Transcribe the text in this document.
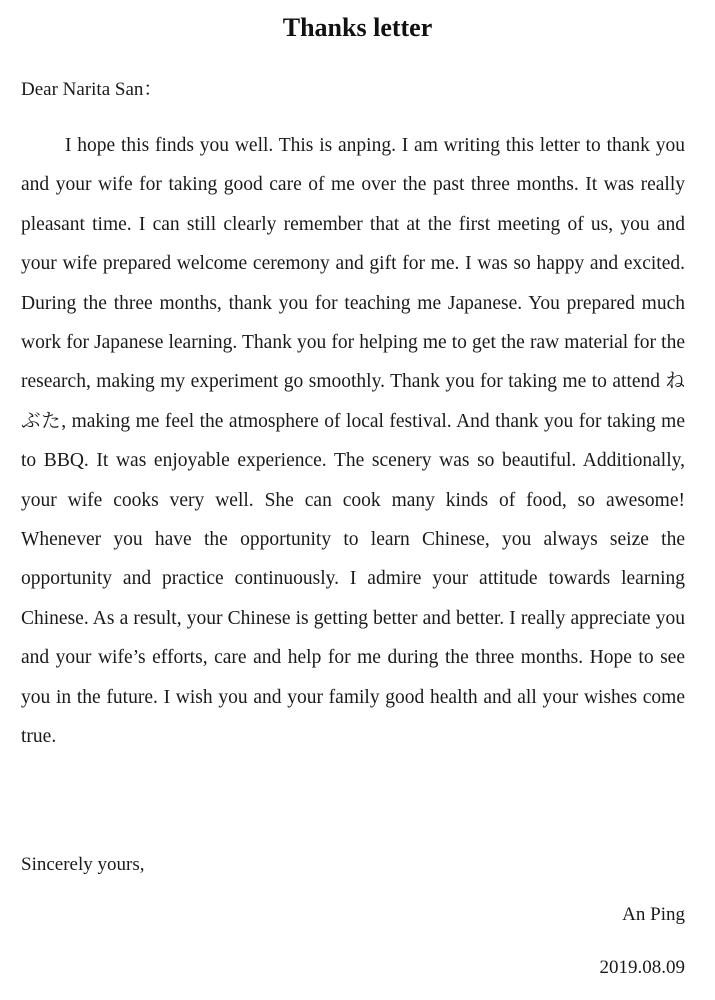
Thanks letter
Dear Narita San：

I hope this finds you well. This is anping. I am writing this letter to thank you and your wife for taking good care of me over the past three months. It was really pleasant time. I can still clearly remember that at the first meeting of us, you and your wife prepared welcome ceremony and gift for me. I was so happy and excited. During the three months, thank you for teaching me Japanese. You prepared much work for Japanese learning. Thank you for helping me to get the raw material for the research, making my experiment go smoothly. Thank you for taking me to attend ねぶた, making me feel the atmosphere of local festival. And thank you for taking me to BBQ. It was enjoyable experience. The scenery was so beautiful. Additionally, your wife cooks very well. She can cook many kinds of food, so awesome! Whenever you have the opportunity to learn Chinese, you always seize the opportunity and practice continuously. I admire your attitude towards learning Chinese. As a result, your Chinese is getting better and better. I really appreciate you and your wife’s efforts, care and help for me during the three months. Hope to see you in the future. I wish you and your family good health and all your wishes come true.

Sincerely yours,
An Ping
2019.08.09
